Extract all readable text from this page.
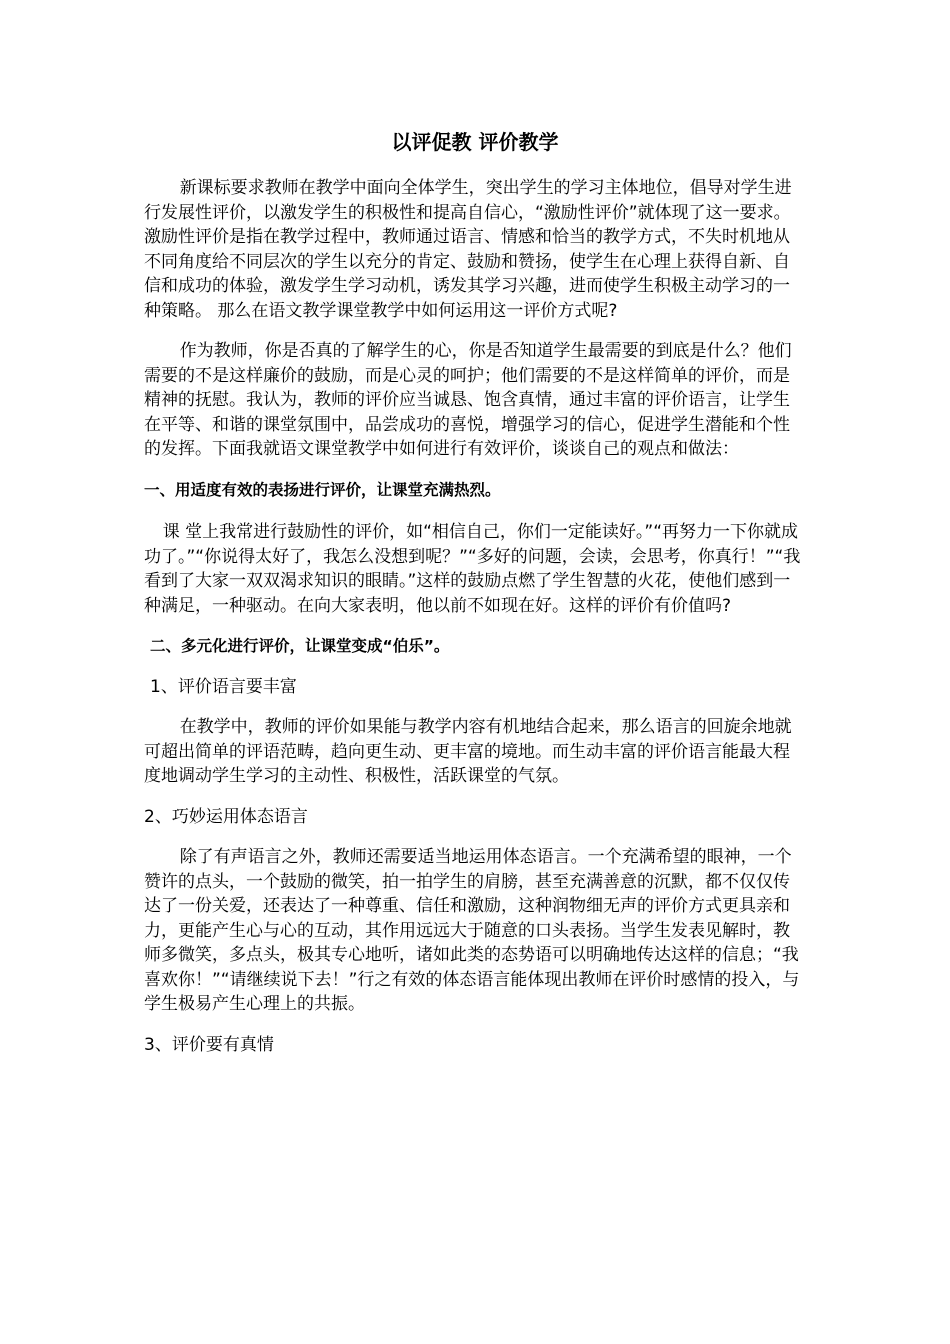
以评促教 评价教学

新课标要求教师在教学中面向全体学生，突出学生的学习主体地位，倡导对学生进行发展性评价，以激发学生的积极性和提高自信心，“激励性评价”就体现了这一要求。 激励性评价是指在教学过程中，教师通过语言、情感和恰当的教学方式，不失时机地从不同角度给不同层次的学生以充分的肯定、鼓励和赞扬，使学生在心理上获得自新、自信和成功的体验，激发学生学习动机，诱发其学习兴趣，进而使学生积极主动学习的一种策略。 那么在语文教学课堂教学中如何运用这一评价方式呢?

作为教师，你是否真的了解学生的心，你是否知道学生最需要的到底是什么？他们需要的不是这样廉价的鼓励，而是心灵的呵护；他们需要的不是这样简单的评价，而是精神的抚慰。我认为，教师的评价应当诚恳、饱含真情，通过丰富的评价语言，让学生在平等、和谐的课堂氛围中，品尝成功的喜悦，增强学习的信心，促进学生潜能和个性的发挥。下面我就语文课堂教学中如何进行有效评价，谈谈自己的观点和做法：

一、用适度有效的表扬进行评价，让课堂充满热烈。

课 堂上我常进行鼓励性的评价，如“相信自己，你们一定能读好。”“再努力一下你就成功了。”“你说得太好了，我怎么没想到呢？”“多好的问题，会读，会思考，你真行！”“我看到了大家一双双渴求知识的眼睛。”这样的鼓励点燃了学生智慧的火花，使他们感到一种满足，一种驱动。在向大家表明，他以前不如现在好。这样的评价有价值吗?

二、多元化进行评价，让课堂变成“伯乐”。

1、评价语言要丰富

在教学中，教师的评价如果能与教学内容有机地结合起来，那么语言的回旋余地就可超出简单的评语范畴，趋向更生动、更丰富的境地。而生动丰富的评价语言能最大程度地调动学生学习的主动性、积极性，活跃课堂的气氛。

2、巧妙运用体态语言

除了有声语言之外，教师还需要适当地运用体态语言。一个充满希望的眼神，一个赞许的点头，一个鼓励的微笑，拍一拍学生的肩膀，甚至充满善意的沉默，都不仅仅传达了一份关爱，还表达了一种尊重、信任和激励，这种润物细无声的评价方式更具亲和力，更能产生心与心的互动，其作用远远大于随意的口头表扬。当学生发表见解时，教师多微笑，多点头，极其专心地听，诸如此类的态势语可以明确地传达这样的信息；“我喜欢你！”“请继续说下去！”行之有效的体态语言能体现出教师在评价时感情的投入，与学生极易产生心理上的共振。

3、评价要有真情
